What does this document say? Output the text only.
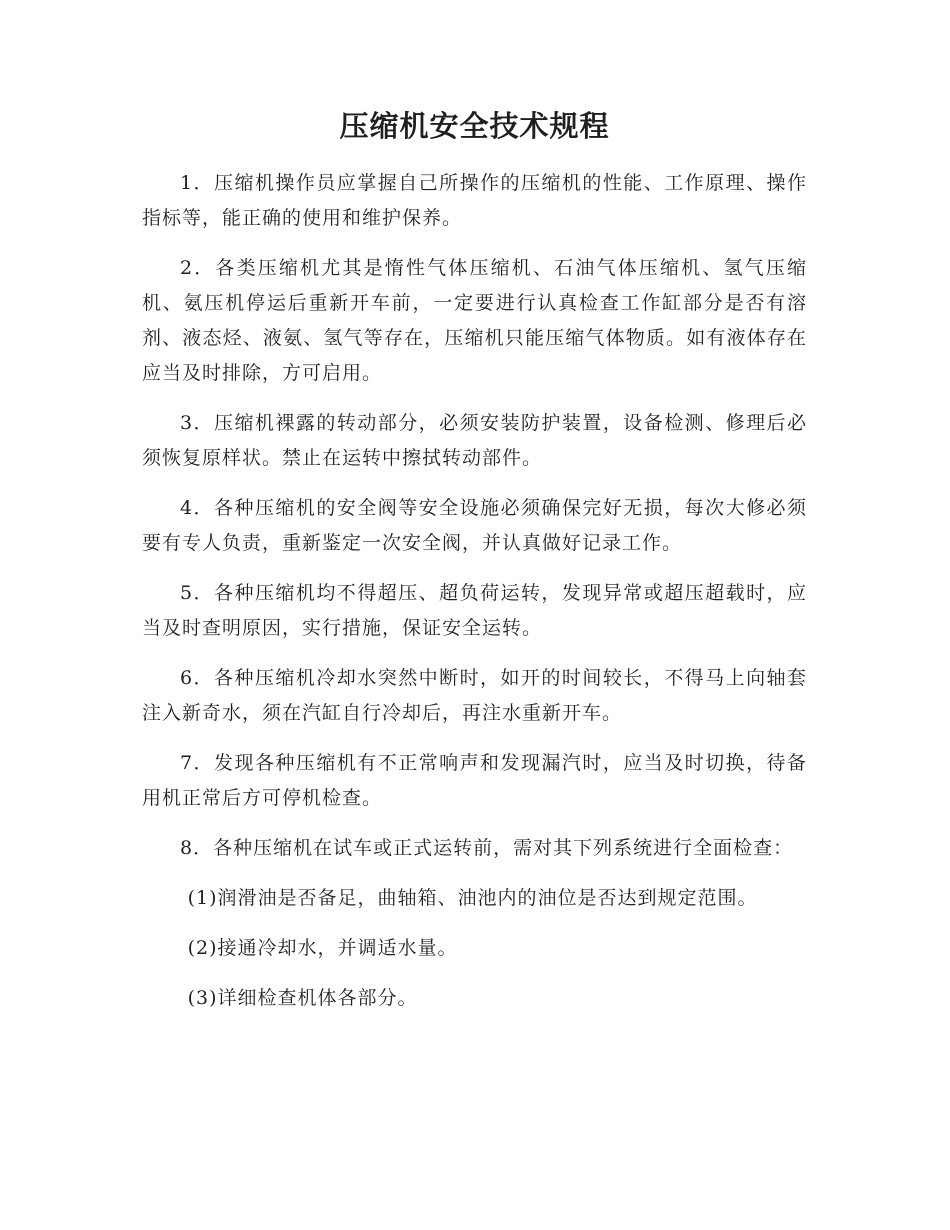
压缩机安全技术规程

1．压缩机操作员应掌握自己所操作的压缩机的性能、工作原理、操作指标等，能正确的使用和维护保养。

2．各类压缩机尤其是惰性气体压缩机、石油气体压缩机、氢气压缩机、氨压机停运后重新开车前，一定要进行认真检查工作缸部分是否有溶剂、液态烃、液氨、氢气等存在，压缩机只能压缩气体物质。如有液体存在应当及时排除，方可启用。

3．压缩机裸露的转动部分，必须安装防护装置，设备检测、修理后必须恢复原样状。禁止在运转中擦拭转动部件。

4．各种压缩机的安全阀等安全设施必须确保完好无损，每次大修必须要有专人负责，重新鉴定一次安全阀，并认真做好记录工作。

5．各种压缩机均不得超压、超负荷运转，发现异常或超压超载时，应当及时查明原因，实行措施，保证安全运转。

6．各种压缩机冷却水突然中断时，如开的时间较长，不得马上向轴套注入新奇水，须在汽缸自行冷却后，再注水重新开车。

7．发现各种压缩机有不正常响声和发现漏汽时，应当及时切换，待备用机正常后方可停机检查。

8．各种压缩机在试车或正式运转前，需对其下列系统进行全面检查：

(1)润滑油是否备足，曲轴箱、油池内的油位是否达到规定范围。

(2)接通冷却水，并调适水量。

(3)详细检查机体各部分。
